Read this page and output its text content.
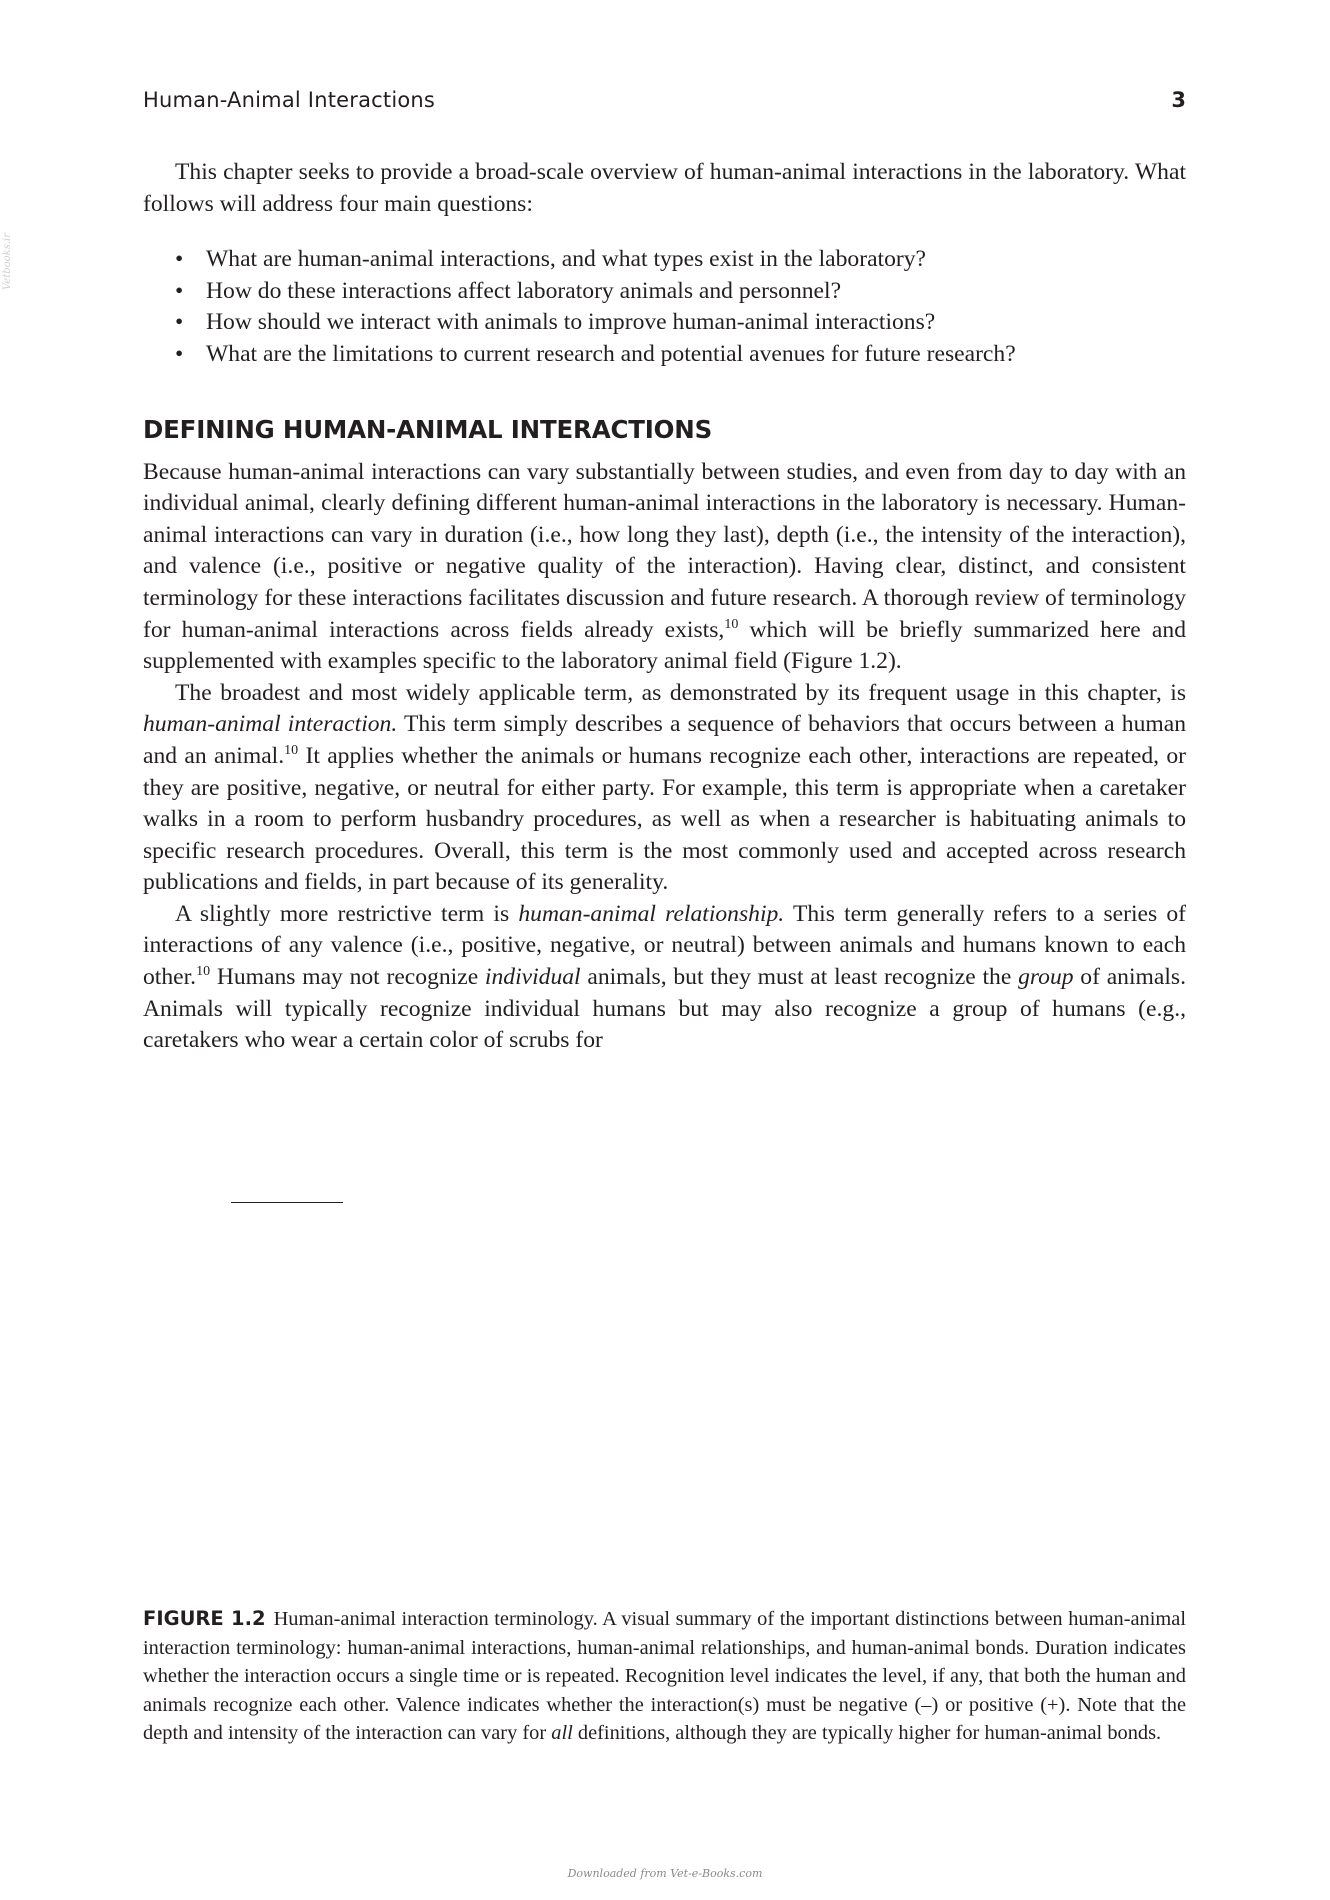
Human-Animal Interactions	3
Vetbooks.ir

This chapter seeks to provide a broad-scale overview of human-animal interactions in the laboratory. What follows will address four main questions:

• What are human-animal interactions, and what types exist in the laboratory?
• How do these interactions affect laboratory animals and personnel?
• How should we interact with animals to improve human-animal interactions?
• What are the limitations to current research and potential avenues for future research?
DEFINING HUMAN-ANIMAL INTERACTIONS

Because human-animal interactions can vary substantially between studies, and even from day to day with an individual animal, clearly defining different human-animal interactions in the laboratory is necessary. Human-animal interactions can vary in duration (i.e., how long they last), depth (i.e., the intensity of the interaction), and valence (i.e., positive or negative quality of the interaction). Having clear, distinct, and consistent terminology for these interactions facilitates discussion and future research. A thorough review of terminology for human-animal interactions across fields already exists,$^{10}$ which will be briefly summarized here and supplemented with examples specific to the laboratory animal field (Figure 1.2).

The broadest and most widely applicable term, as demonstrated by its frequent usage in this chapter, is human-animal interaction. This term simply describes a sequence of behaviors that occurs between a human and an animal.$^{10}$ It applies whether the animals or humans recognize each other, interactions are repeated, or they are positive, negative, or neutral for either party. For example, this term is appropriate when a caretaker walks in a room to perform husbandry procedures, as well as when a researcher is habituating animals to specific research procedures. Overall, this term is the most commonly used and accepted across research publications and fields, in part because of its generality.

A slightly more restrictive term is human-animal relationship. This term generally refers to a series of interactions of any valence (i.e., positive, negative, or neutral) between animals and humans known to each other.$^{10}$ Humans may not recognize individual animals, but they must at least recognize the group of animals. Animals will typically recognize individual humans but may also recognize a group of humans (e.g., caretakers who wear a certain color of scrubs for

FIGURE 1.2 Human-animal interaction terminology. A visual summary of the important distinctions between human-animal interaction terminology: human-animal interactions, human-animal relationships, and human-animal bonds. Duration indicates whether the interaction occurs a single time or is repeated. Recognition level indicates the level, if any, that both the human and animals recognize each other. Valence indicates whether the interaction(s) must be negative (–) or positive (+). Note that the depth and intensity of the interaction can vary for all definitions, although they are typically higher for human-animal bonds.

Downloaded from Vet-e-Books.com
